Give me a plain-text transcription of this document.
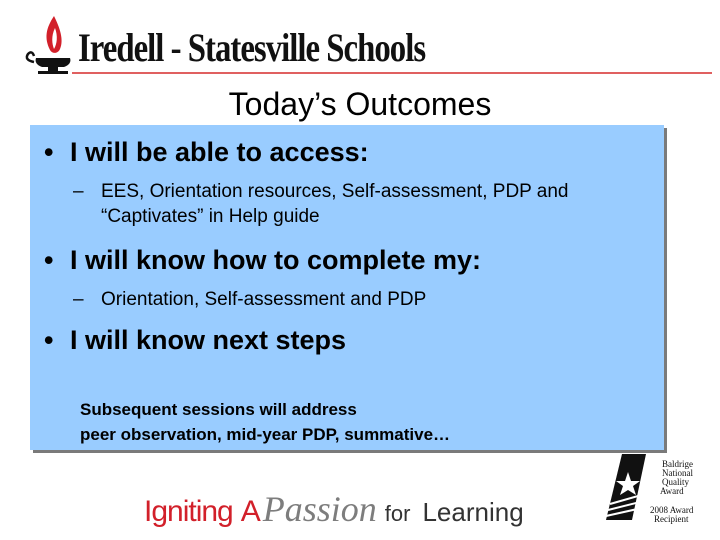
Iredell - Statesville Schools
Today’s Outcomes
• I will be able to access:
– EES, Orientation resources, Self-assessment, PDP and “Captivates” in Help guide
• I will know how to complete my:
– Orientation, Self-assessment and PDP
• I will know next steps
Subsequent sessions will address
peer observation, mid-year PDP, summative…
Igniting APassion for Learning
Baldrige
National
Quality
Award
2008 Award
Recipient
